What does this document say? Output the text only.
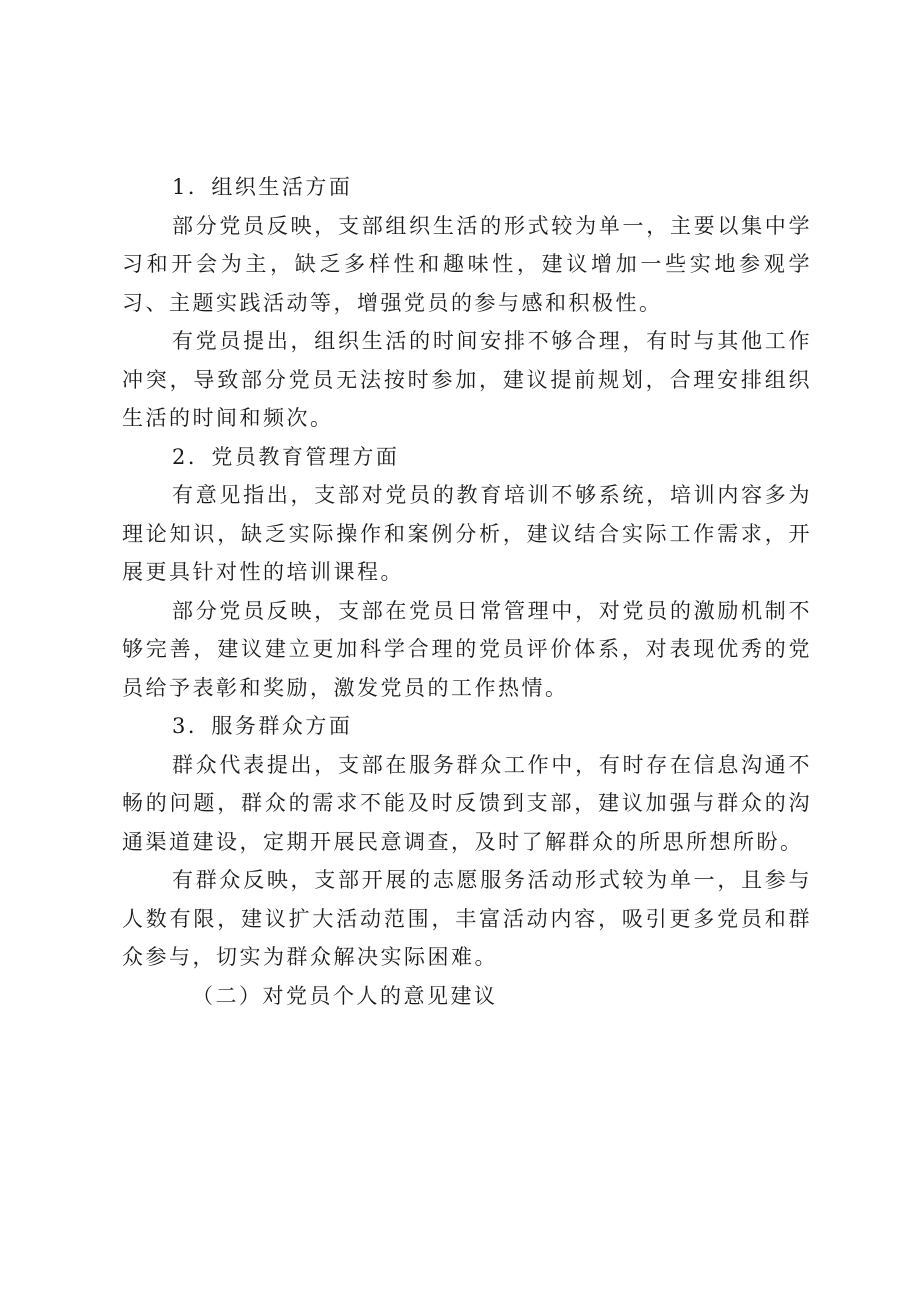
1．组织生活方面

部分党员反映，支部组织生活的形式较为单一，主要以集中学习和开会为主，缺乏多样性和趣味性，建议增加一些实地参观学习、主题实践活动等，增强党员的参与感和积极性。

有党员提出，组织生活的时间安排不够合理，有时与其他工作冲突，导致部分党员无法按时参加，建议提前规划，合理安排组织生活的时间和频次。

2．党员教育管理方面

有意见指出，支部对党员的教育培训不够系统，培训内容多为理论知识，缺乏实际操作和案例分析，建议结合实际工作需求，开展更具针对性的培训课程。

部分党员反映，支部在党员日常管理中，对党员的激励机制不够完善，建议建立更加科学合理的党员评价体系，对表现优秀的党员给予表彰和奖励，激发党员的工作热情。

3．服务群众方面

群众代表提出，支部在服务群众工作中，有时存在信息沟通不畅的问题，群众的需求不能及时反馈到支部，建议加强与群众的沟通渠道建设，定期开展民意调查，及时了解群众的所思所想所盼。

有群众反映，支部开展的志愿服务活动形式较为单一，且参与人数有限，建议扩大活动范围，丰富活动内容，吸引更多党员和群众参与，切实为群众解决实际困难。

（二）对党员个人的意见建议
